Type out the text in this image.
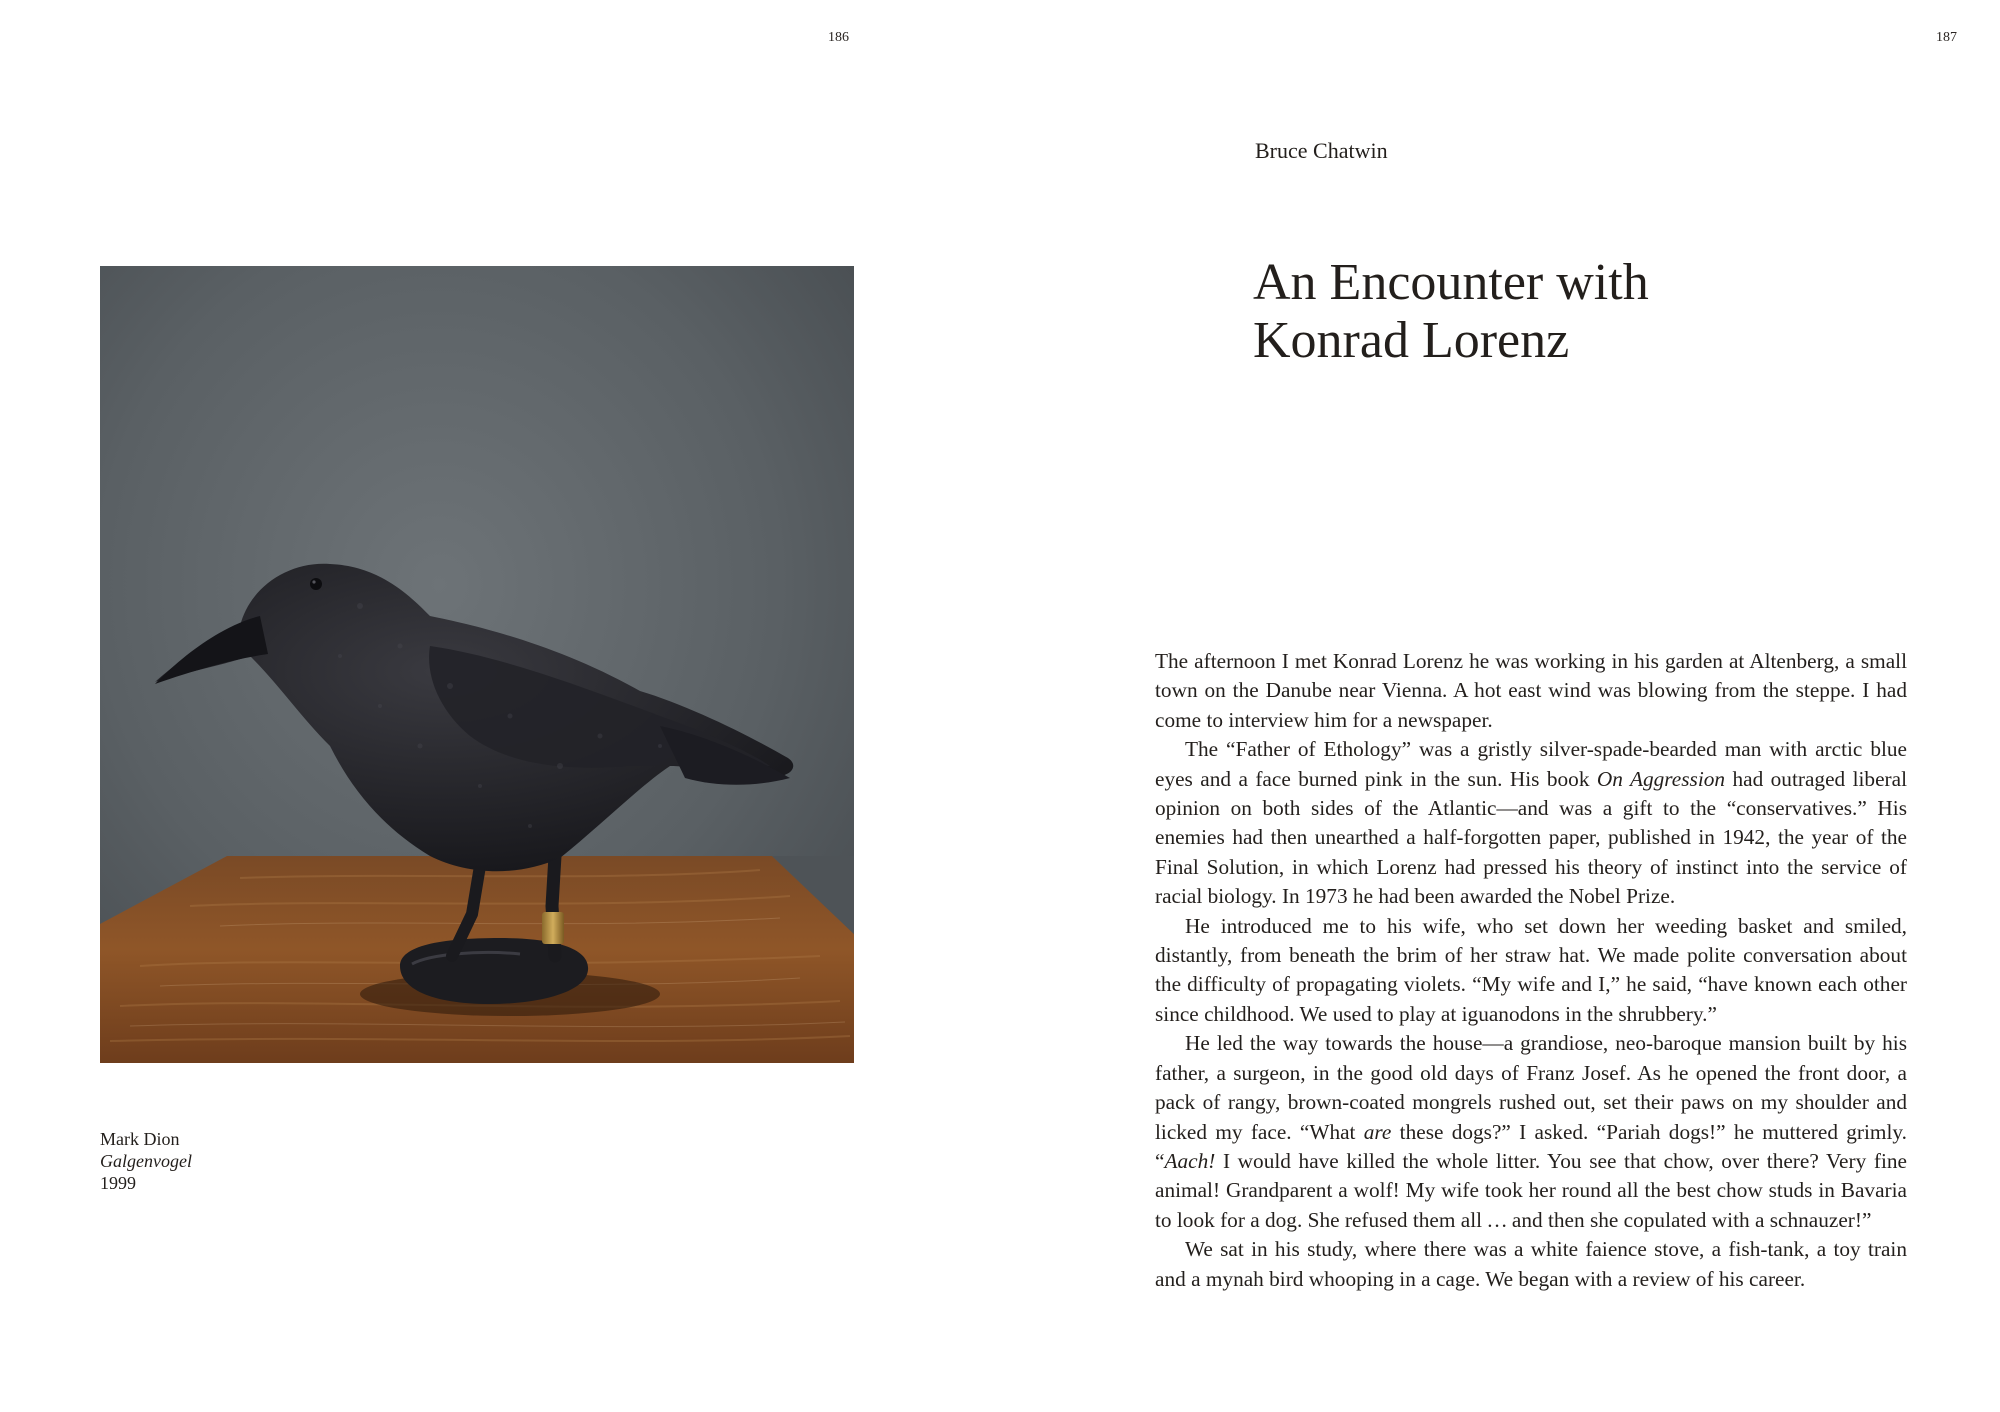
186	187
Mark Dion
Galgenvogel
1999
Bruce Chatwin
An Encounter with
Konrad Lorenz

The afternoon I met Konrad Lorenz he was working in his garden at Altenberg, a small town on the Danube near Vienna. A hot east wind was blowing from the steppe. I had come to interview him for a newspaper.

The “Father of Ethology” was a gristly silver-spade-bearded man with arctic blue eyes and a face burned pink in the sun. His book On Aggression had outraged liberal opinion on both sides of the Atlantic—and was a gift to the “conservatives.” His enemies had then unearthed a half-forgotten paper, published in 1942, the year of the Final Solution, in which Lorenz had pressed his theory of instinct into the service of racial biology. In 1973 he had been awarded the Nobel Prize.

He introduced me to his wife, who set down her weeding basket and smiled, distantly, from beneath the brim of her straw hat. We made polite conversation about the difficulty of propagating violets. “My wife and I,” he said, “have known each other since childhood. We used to play at iguanodons in the shrubbery.”

He led the way towards the house—a grandiose, neo-baroque mansion built by his father, a surgeon, in the good old days of Franz Josef. As he opened the front door, a pack of rangy, brown-coated mongrels rushed out, set their paws on my shoulder and licked my face. “What are these dogs?” I asked. “Pariah dogs!” he muttered grimly. “Aach! I would have killed the whole litter. You see that chow, over there? Very fine animal! Grandparent a wolf! My wife took her round all the best chow studs in Bavaria to look for a dog. She refused them all … and then she copulated with a schnauzer!”

We sat in his study, where there was a white faience stove, a fish-tank, a toy train and a mynah bird whooping in a cage. We began with a review of his career.
